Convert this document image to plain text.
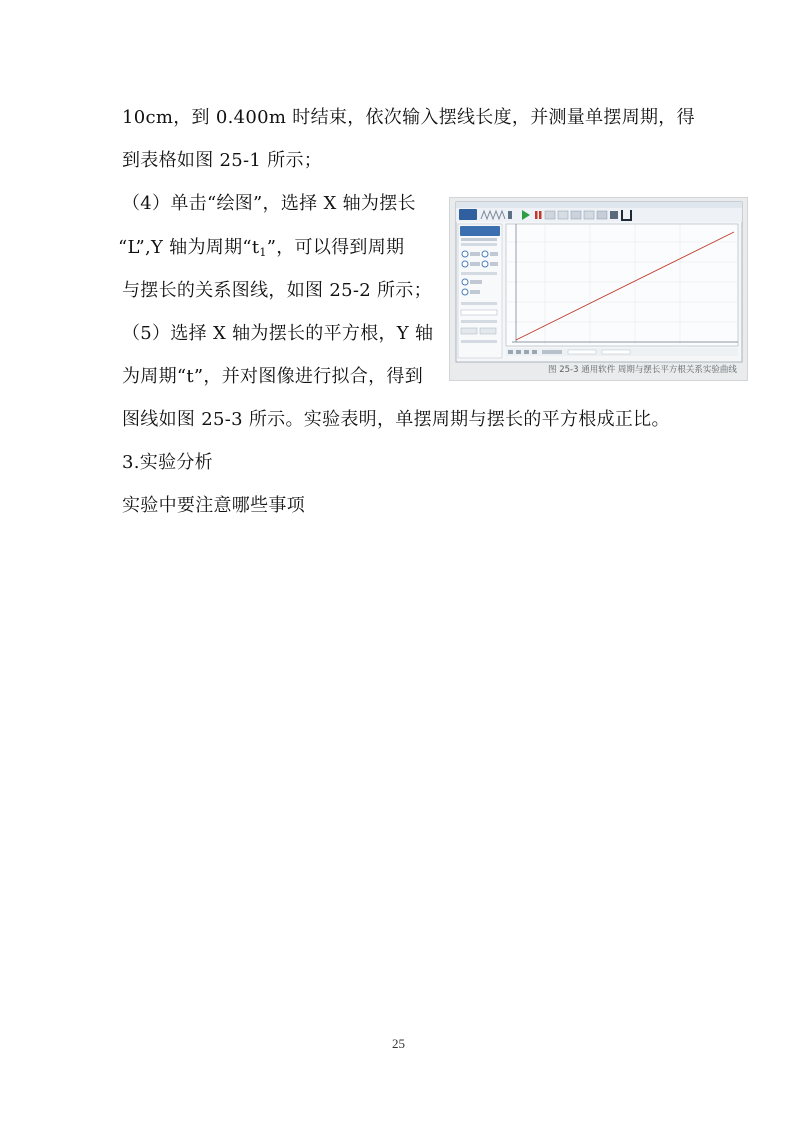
10cm，到 0.400m 时结束，依次输入摆线长度，并测量单摆周期，得
到表格如图 25-1 所示；
（4）单击“绘图”，选择 X 轴为摆长
“L”,Y 轴为周期“$t_1$”，可以得到周期
与摆长的关系图线，如图 25-2 所示；
（5）选择 X 轴为摆长的平方根，Y 轴
为周期“t”，并对图像进行拟合，得到
图线如图 25-3 所示。实验表明，单摆周期与摆长的平方根成正比。
3.实验分析
实验中要注意哪些事项
图 25-3 通用软件 周期与摆长平方根关系实验曲线
25
